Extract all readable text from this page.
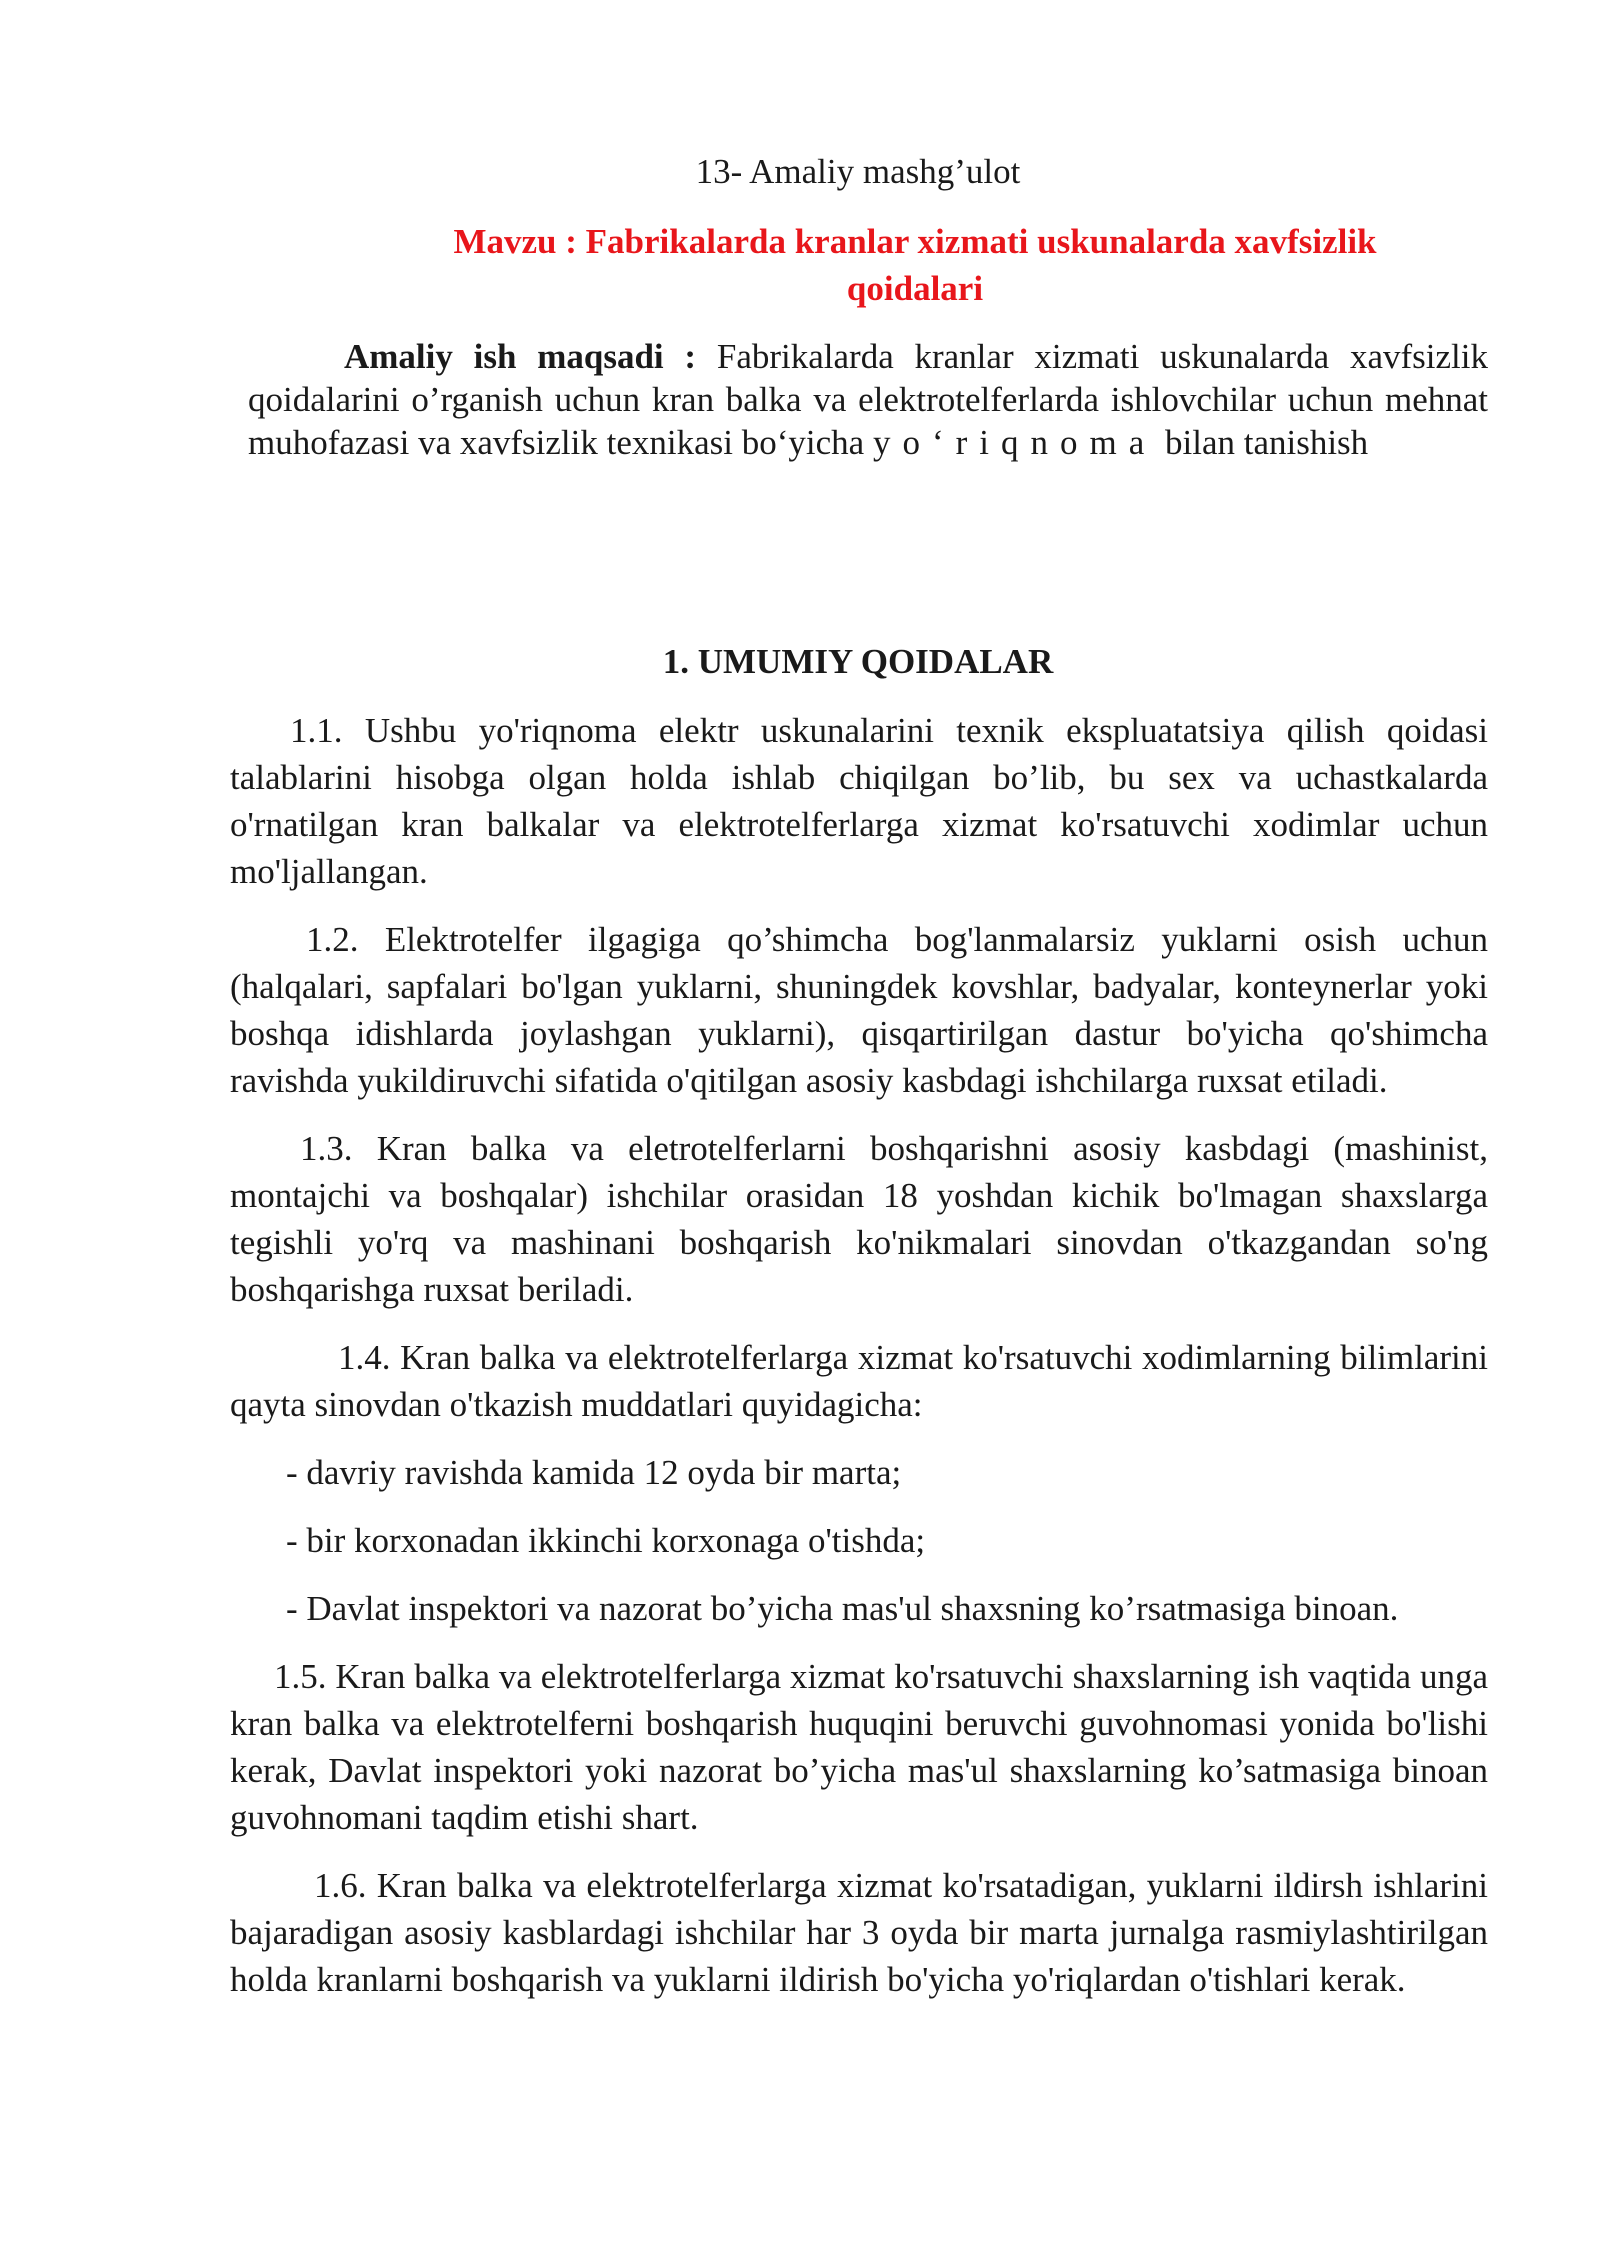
13- Amaliy mashg’ulot
Mavzu : Fabrikalarda kranlar xizmati uskunalarda xavfsizlik qoidalari
Amaliy ish maqsadi : Fabrikalarda kranlar xizmati uskunalarda xavfsizlik qoidalarini o’rganish uchun kran balka va elektrotelferlarda ishlovchilar uchun mehnat muhofazasi va xavfsizlik texnikasi bo‘yicha yo‘riqnoma bilan tanishish
1. UMUMIY QOIDALAR

1.1. Ushbu yo'riqnoma elektr uskunalarini texnik ekspluatatsiya qilish qoidasi talablarini hisobga olgan holda ishlab chiqilgan bo’lib, bu sex va uchastkalarda o'rnatilgan kran balkalar va elektrotelferlarga xizmat ko'rsatuvchi xodimlar uchun mo'ljallangan.

1.2. Elektrotelfer ilgagiga qo’shimcha bog'lanmalarsiz yuklarni osish uchun (halqalari, sapfalari bo'lgan yuklarni, shuningdek kovshlar, badyalar, konteynerlar yoki boshqa idishlarda joylashgan yuklarni), qisqartirilgan dastur bo'yicha qo'shimcha ravishda yukildiruvchi sifatida o'qitilgan asosiy kasbdagi ishchilarga ruxsat etiladi.

1.3. Kran balka va eletrotelferlarni boshqarishni asosiy kasbdagi (mashinist, montajchi va boshqalar) ishchilar orasidan 18 yoshdan kichik bo'lmagan shaxslarga tegishli yo'rq va mashinani boshqarish ko'nikmalari sinovdan o'tkazgandan so'ng boshqarishga ruxsat beriladi.

1.4. Kran balka va elektrotelferlarga xizmat ko'rsatuvchi xodimlarning bilimlarini qayta sinovdan o'tkazish muddatlari quyidagicha:

- davriy ravishda kamida 12 oyda bir marta;

- bir korxonadan ikkinchi korxonaga o'tishda;

- Davlat inspektori va nazorat bo’yicha mas'ul shaxsning ko’rsatmasiga binoan.

1.5. Kran balka va elektrotelferlarga xizmat ko'rsatuvchi shaxslarning ish vaqtida unga kran balka va elektrotelferni boshqarish huquqini beruvchi guvohnomasi yonida bo'lishi kerak, Davlat inspektori yoki nazorat bo’yicha mas'ul shaxslarning ko’satmasiga binoan guvohnomani taqdim etishi shart.

1.6. Kran balka va elektrotelferlarga xizmat ko'rsatadigan, yuklarni ildirsh ishlarini bajaradigan asosiy kasblardagi ishchilar har 3 oyda bir marta jurnalga rasmiylashtirilgan holda kranlarni boshqarish va yuklarni ildirish bo'yicha yo'riqlardan o'tishlari kerak.
